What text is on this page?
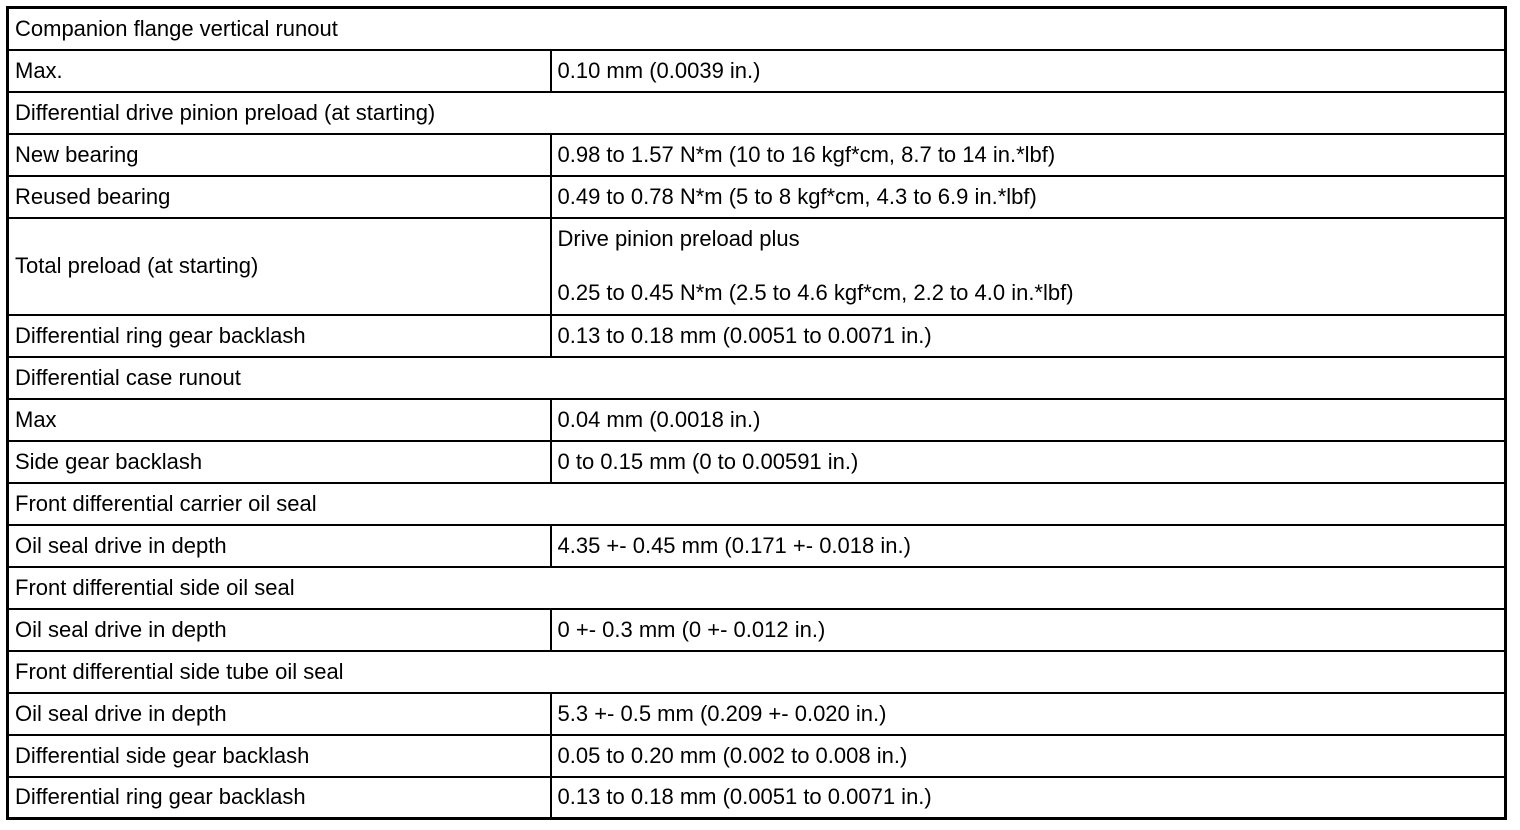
Companion flange vertical runout	
Max.	0.10 mm (0.0039 in.)
Differential drive pinion preload (at starting)	
New bearing	0.98 to 1.57 N*m (10 to 16 kgf*cm, 8.7 to 14 in.*lbf)
Reused bearing	0.49 to 0.78 N*m (5 to 8 kgf*cm, 4.3 to 6.9 in.*lbf)
Total preload (at starting)	Drive pinion preload plus
0.25 to 0.45 N*m (2.5 to 4.6 kgf*cm, 2.2 to 4.0 in.*lbf)

Differential ring gear backlash	0.13 to 0.18 mm (0.0051 to 0.0071 in.)
Differential case runout	
Max	0.04 mm (0.0018 in.)
Side gear backlash	0 to 0.15 mm (0 to 0.00591 in.)
Front differential carrier oil seal	
Oil seal drive in depth	4.35 +- 0.45 mm (0.171 +- 0.018 in.)
Front differential side oil seal	
Oil seal drive in depth	0 +- 0.3 mm (0 +- 0.012 in.)
Front differential side tube oil seal	
Oil seal drive in depth	5.3 +- 0.5 mm (0.209 +- 0.020 in.)
Differential side gear backlash	0.05 to 0.20 mm (0.002 to 0.008 in.)
Differential ring gear backlash	0.13 to 0.18 mm (0.0051 to 0.0071 in.)
